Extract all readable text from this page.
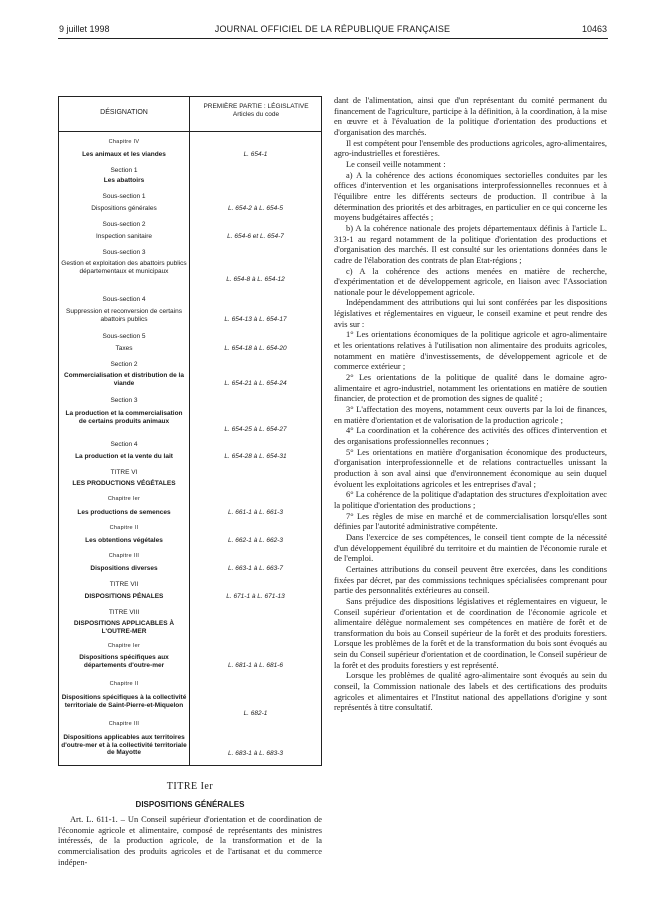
9 juillet 1998	JOURNAL OFFICIEL DE LA RÉPUBLIQUE FRANÇAISE	10463
DÉSIGNATION
PREMIÈRE PARTIE : LÉGISLATIVE
Articles du code
Chapitre IV
Les animaux et les viandes	L. 654-1
Section 1
Les abattoirs
Sous-section 1
Dispositions générales	L. 654-2 à L. 654-5
Sous-section 2
Inspection sanitaire	L. 654-6 et L. 654-7
Sous-section 3
Gestion et exploitation des abattoirs publics départementaux et municipaux
L. 654-8 à L. 654-12
Sous-section 4
Suppression et reconversion de certains abattoirs publics	L. 654-13 à L. 654-17
Sous-section 5
Taxes	L. 654-18 à L. 654-20
Section 2
Commercialisation et distribution de la viande	L. 654-21 à L. 654-24
Section 3
La production et la commercialisation de certains produits animaux
L. 654-25 à L. 654-27
Section 4
La production et la vente du lait	L. 654-28 à L. 654-31
TITRE VI
LES PRODUCTIONS VÉGÉTALES
Chapitre Ier
Les productions de semences	L. 661-1 à L. 661-3
Chapitre II
Les obtentions végétales	L. 662-1 à L. 662-3
Chapitre III
Dispositions diverses	L. 663-1 à L. 663-7
TITRE VII
DISPOSITIONS PÉNALES	L. 671-1 à L. 671-13
TITRE VIII
DISPOSITIONS APPLICABLES À L'OUTRE-MER
Chapitre Ier
Dispositions spécifiques aux départements d'outre-mer	L. 681-1 à L. 681-6
Chapitre II
Dispositions spécifiques à la collectivité territoriale de Saint-Pierre-et-Miquelon
L. 682-1
Chapitre III
Dispositions applicables aux territoires d'outre-mer et à la collectivité territoriale de Mayotte	L. 683-1 à L. 683-3

TITRE Ier

DISPOSITIONS GÉNÉRALES

Art. L. 611-1. – Un Conseil supérieur d'orientation et de coordination de l'économie agricole et alimentaire, composé de représentants des ministres intéressés, de la production agricole, de la transformation et de la commercialisation des produits agricoles et de l'artisanat et du commerce indépen-

dant de l'alimentation, ainsi que d'un représentant du comité permanent du financement de l'agriculture, participe à la définition, à la coordination, à la mise en œuvre et à l'évaluation de la politique d'orientation des productions et d'organisation des marchés.

Il est compétent pour l'ensemble des productions agricoles, agro-alimentaires, agro-industrielles et forestières.

Le conseil veille notamment :

a) A la cohérence des actions économiques sectorielles conduites par les offices d'intervention et les organisations interprofessionnelles reconnues et à l'équilibre entre les différents secteurs de production. Il contribue à la détermination des priorités et des arbitrages, en particulier en ce qui concerne les moyens budgétaires affectés ;

b) A la cohérence nationale des projets départementaux définis à l'article L. 313-1 au regard notamment de la politique d'orientation des productions et d'organisation des marchés. Il est consulté sur les orientations données dans le cadre de l'élaboration des contrats de plan Etat-régions ;

c) A la cohérence des actions menées en matière de recherche, d'expérimentation et de développement agricole, en liaison avec l'Association nationale pour le développement agricole.

Indépendamment des attributions qui lui sont conférées par les dispositions législatives et réglementaires en vigueur, le conseil examine et peut rendre des avis sur :

1° Les orientations économiques de la politique agricole et agro-alimentaire et les orientations relatives à l'utilisation non alimentaire des produits agricoles, notamment en matière d'investissements, de développement agricole et de commerce extérieur ;

2° Les orientations de la politique de qualité dans le domaine agro-alimentaire et agro-industriel, notamment les orientations en matière de soutien financier, de protection et de promotion des signes de qualité ;

3° L'affectation des moyens, notamment ceux ouverts par la loi de finances, en matière d'orientation et de valorisation de la production agricole ;

4° La coordination et la cohérence des activités des offices d'intervention et des organisations professionnelles reconnues ;

5° Les orientations en matière d'organisation économique des producteurs, d'organisation interprofessionnelle et de relations contractuelles unissant la production à son aval ainsi que d'environnement économique au sein duquel évoluent les exploitations agricoles et les entreprises d'aval ;

6° La cohérence de la politique d'adaptation des structures d'exploitation avec la politique d'orientation des productions ;

7° Les règles de mise en marché et de commercialisation lorsqu'elles sont définies par l'autorité administrative compétente.

Dans l'exercice de ses compétences, le conseil tient compte de la nécessité d'un développement équilibré du territoire et du maintien de l'économie rurale et de l'emploi.

Certaines attributions du conseil peuvent être exercées, dans les conditions fixées par décret, par des commissions techniques spécialisées comprenant pour partie des personnalités extérieures au conseil.

Sans préjudice des dispositions législatives et réglementaires en vigueur, le Conseil supérieur d'orientation et de coordination de l'économie agricole et alimentaire délègue normalement ses compétences en matière de forêt et de transformation du bois au Conseil supérieur de la forêt et des produits forestiers. Lorsque les problèmes de la forêt et de la transformation du bois sont évoqués au sein du Conseil supérieur d'orientation et de coordination, le Conseil supérieur de la forêt et des produits forestiers y est représenté.

Lorsque les problèmes de qualité agro-alimentaire sont évoqués au sein du conseil, la Commission nationale des labels et des certifications des produits agricoles et alimentaires et l'Institut national des appellations d'origine y sont représentés à titre consultatif.
